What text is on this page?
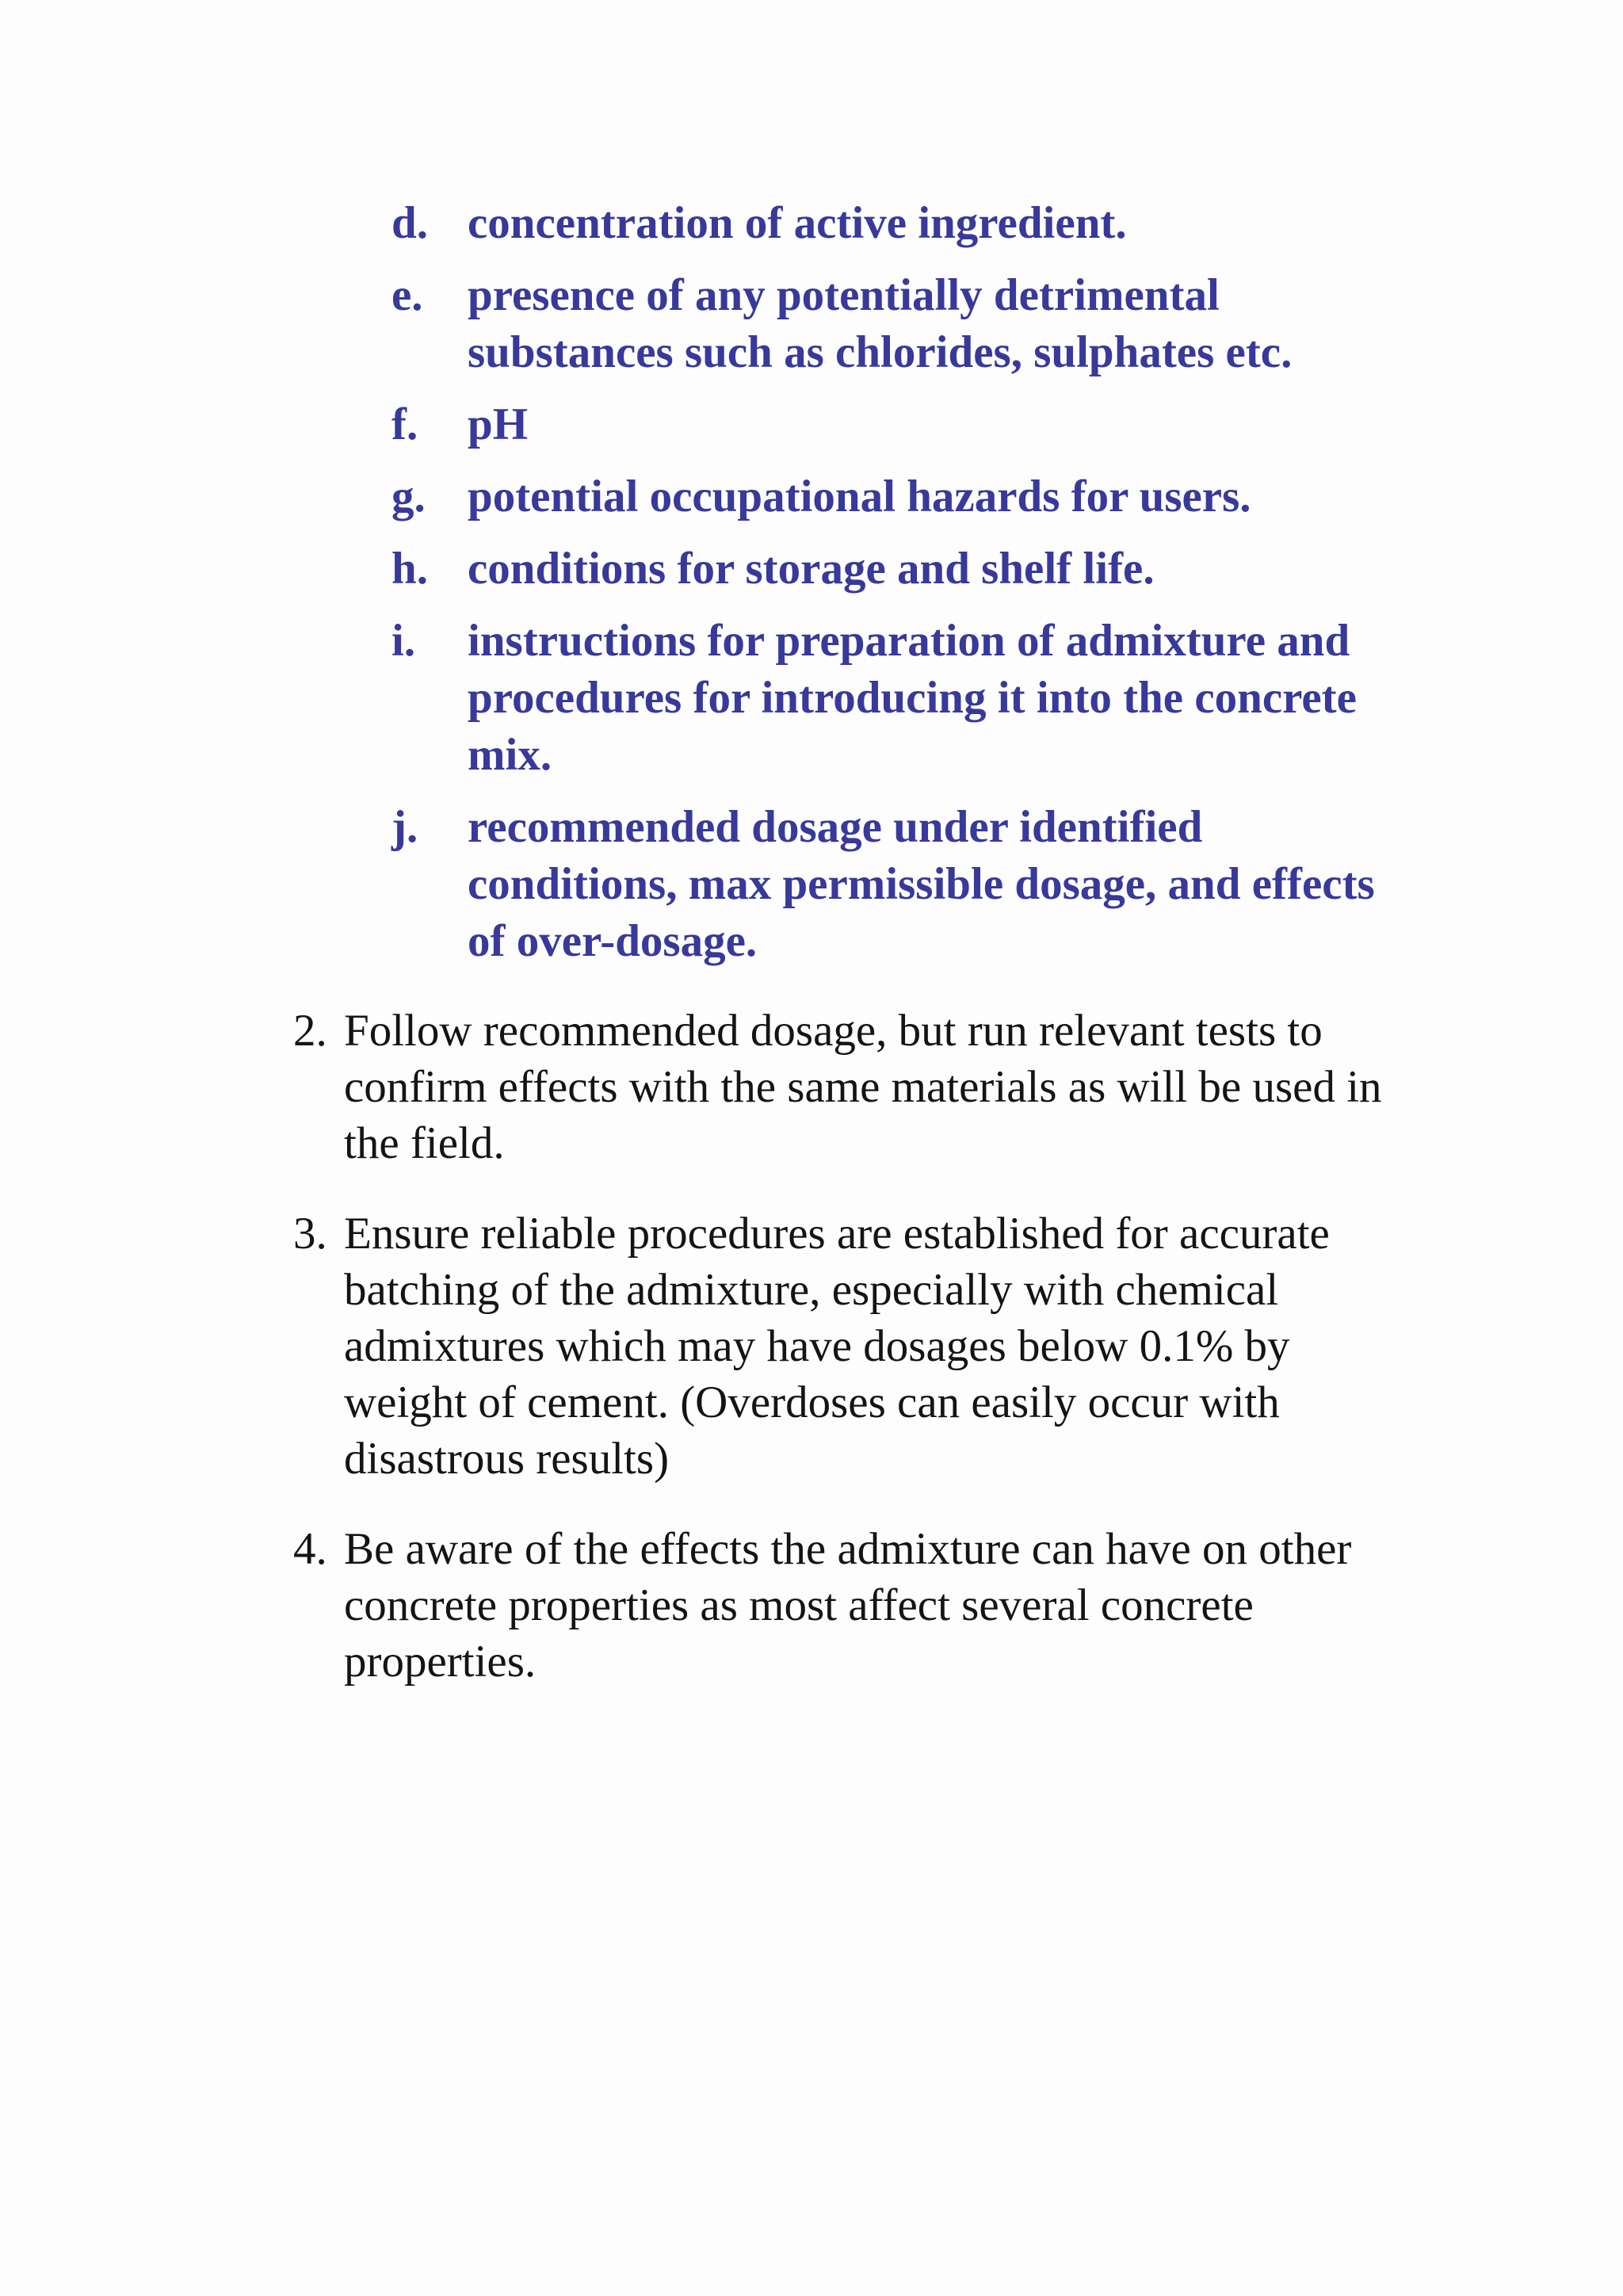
d. concentration of active ingredient.
e. presence of any potentially detrimental substances such as chlorides, sulphates etc.
f.	pH
g. potential occupational hazards for users.
h. conditions for storage and shelf life.
i.	instructions for preparation of admixture and procedures for introducing it into the concrete mix.
j.	recommended dosage under identified conditions, max permissible dosage, and effects of over-dosage.
2. Follow recommended dosage, but run relevant tests to confirm effects with the same materials as will be used in the field.
3. Ensure reliable procedures are established for accurate batching of the admixture, especially with chemical admixtures which may have dosages below 0.1% by weight of cement. (Overdoses can easily occur with disastrous results)
4. Be aware of the effects the admixture can have on other concrete properties as most affect several concrete properties.
